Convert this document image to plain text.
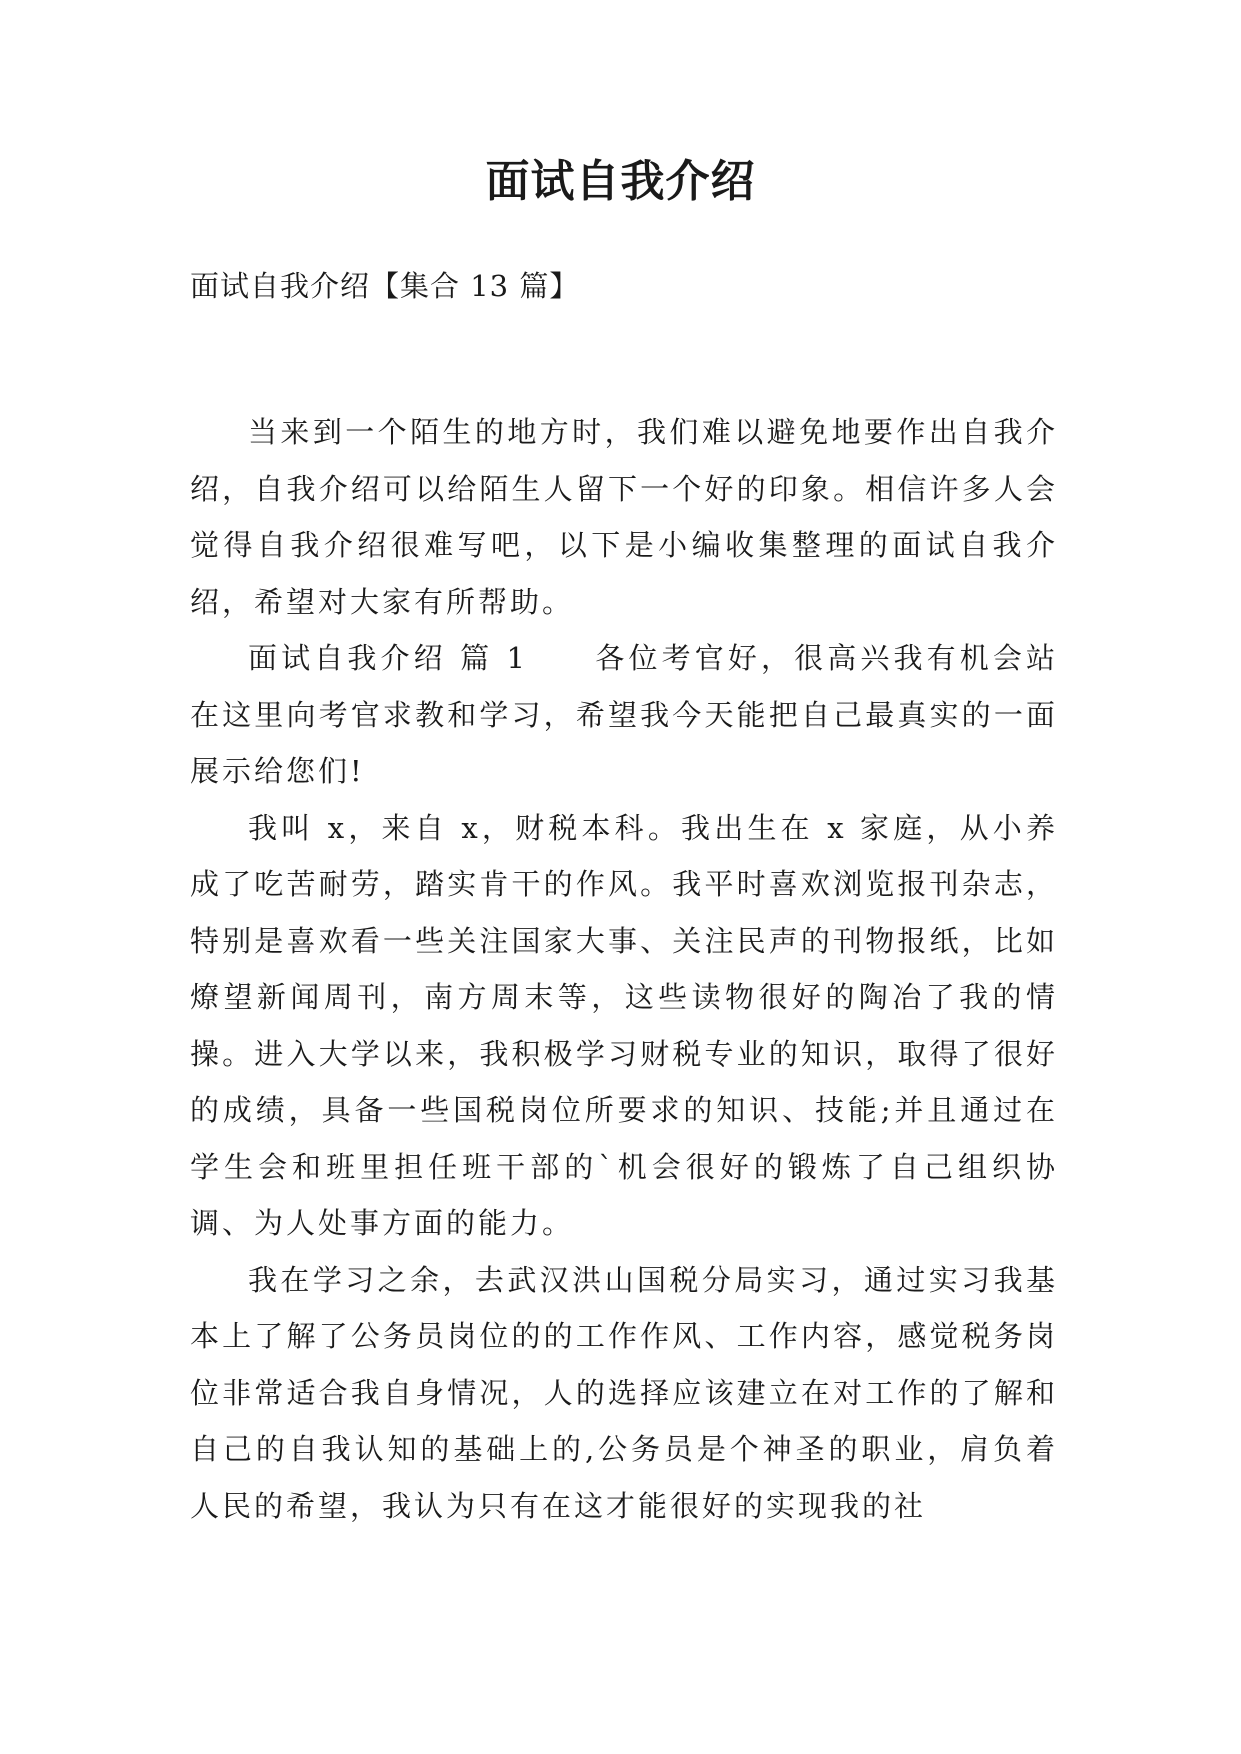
面试自我介绍
面试自我介绍【集合 13 篇】

当来到一个陌生的地方时，我们难以避免地要作出自我介绍，自我介绍可以给陌生人留下一个好的印象。相信许多人会觉得自我介绍很难写吧，以下是小编收集整理的面试自我介绍，希望对大家有所帮助。

面试自我介绍 篇 1　　各位考官好，很高兴我有机会站在这里向考官求教和学习，希望我今天能把自己最真实的一面展示给您们!

我叫 x，来自 x，财税本科。我出生在 x 家庭，从小养成了吃苦耐劳，踏实肯干的作风。我平时喜欢浏览报刊杂志，特别是喜欢看一些关注国家大事、关注民声的刊物报纸，比如燎望新闻周刊，南方周末等，这些读物很好的陶冶了我的情操。进入大学以来，我积极学习财税专业的知识，取得了很好的成绩，具备一些国税岗位所要求的知识、技能;并且通过在学生会和班里担任班干部的`机会很好的锻炼了自己组织协调、为人处事方面的能力。

我在学习之余，去武汉洪山国税分局实习，通过实习我基本上了解了公务员岗位的的工作作风、工作内容，感觉税务岗位非常适合我自身情况，人的选择应该建立在对工作的了解和自己的自我认知的基础上的,公务员是个神圣的职业，肩负着人民的希望，我认为只有在这才能很好的实现我的社
